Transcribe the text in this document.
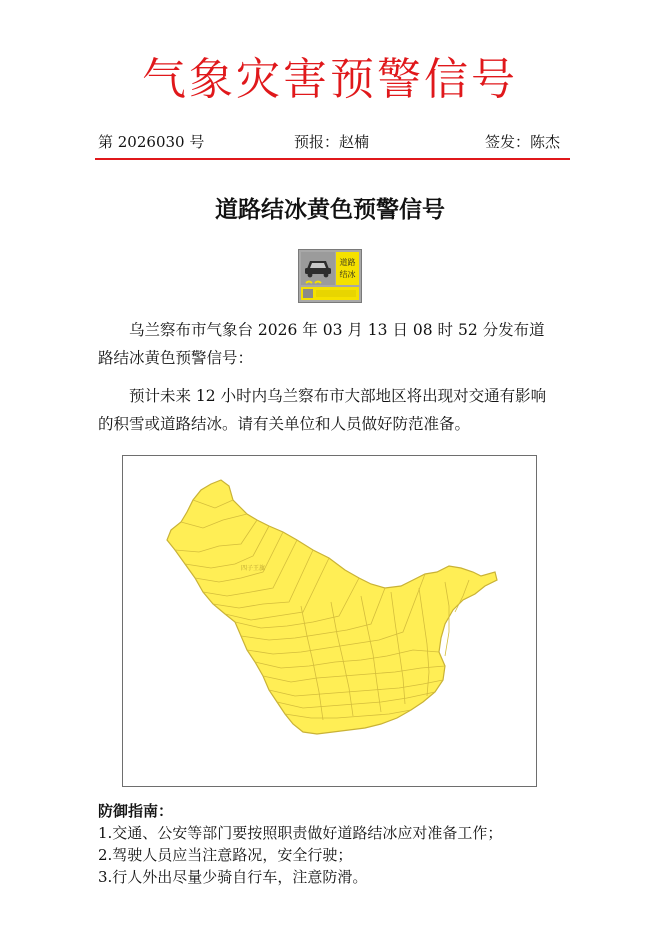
气象灾害预警信号
第 2026030 号	预报：赵楠	签发：陈杰
道路结冰黄色预警信号
道路
结冰
乌兰察布市气象台 2026 年 03 月 13 日 08 时 52 分发布道路结冰黄色预警信号：
预计未来 12 小时内乌兰察布市大部地区将出现对交通有影响的积雪或道路结冰。请有关单位和人员做好防范准备。
四子王旗
防御指南：
1.交通、公安等部门要按照职责做好道路结冰应对准备工作；
2.驾驶人员应当注意路况，安全行驶；
3.行人外出尽量少骑自行车，注意防滑。
